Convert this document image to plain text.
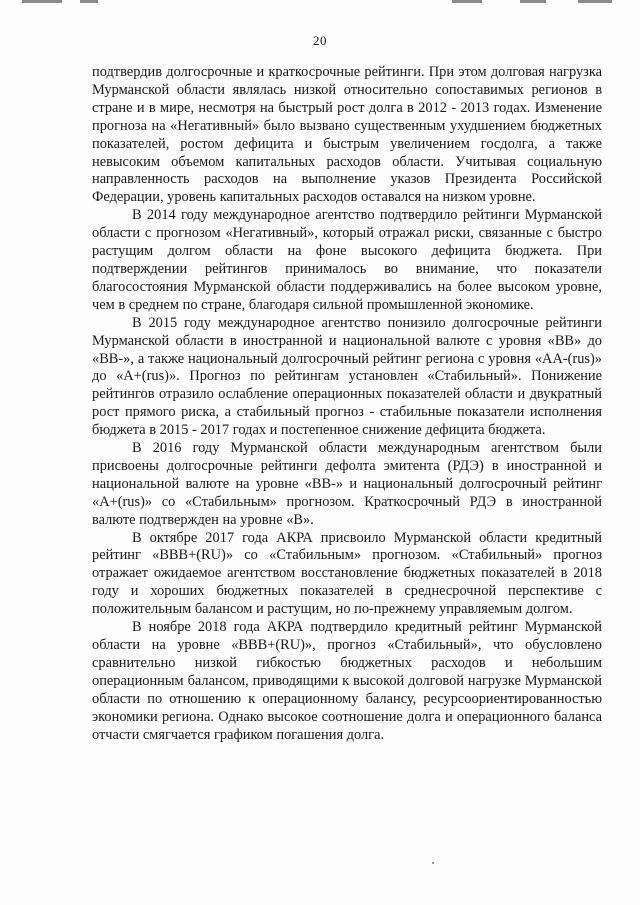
20

подтвердив долгосрочные и краткосрочные рейтинги. При этом долговая нагрузка Мурманской области являлась низкой относительно сопоставимых регионов в стране и в мире, несмотря на быстрый рост долга в 2012 - 2013 годах. Изменение прогноза на «Негативный» было вызвано существенным ухудшением бюджетных показателей, ростом дефицита и быстрым увеличением госдолга, а также невысоким объемом капитальных расходов области. Учитывая социальную направленность расходов на выполнение указов Президента Российской Федерации, уровень капитальных расходов оставался на низком уровне.

В 2014 году международное агентство подтвердило рейтинги Мурманской области с прогнозом «Негативный», который отражал риски, связанные с быстро растущим долгом области на фоне высокого дефицита бюджета. При подтверждении рейтингов принималось во внимание, что показатели благосостояния Мурманской области поддерживались на более высоком уровне, чем в среднем по стране, благодаря сильной промышленной экономике.

В 2015 году международное агентство понизило долгосрочные рейтинги Мурманской области в иностранной и национальной валюте с уровня «BB» до «BB-», а также национальный долгосрочный рейтинг региона с уровня «AA-(rus)» до «A+(rus)». Прогноз по рейтингам установлен «Стабильный». Понижение рейтингов отразило ослабление операционных показателей области и двукратный рост прямого риска, а стабильный прогноз - стабильные показатели исполнения бюджета в 2015 - 2017 годах и постепенное снижение дефицита бюджета.

В 2016 году Мурманской области международным агентством были присвоены долгосрочные рейтинги дефолта эмитента (РДЭ) в иностранной и национальной валюте на уровне «BB-» и национальный долгосрочный рейтинг «A+(rus)» со «Стабильным» прогнозом. Краткосрочный РДЭ в иностранной валюте подтвержден на уровне «B».

В октябре 2017 года АКРА присвоило Мурманской области кредитный рейтинг «BBB+(RU)» со «Стабильным» прогнозом. «Стабильный» прогноз отражает ожидаемое агентством восстановление бюджетных показателей в 2018 году и хороших бюджетных показателей в среднесрочной перспективе с положительным балансом и растущим, но по-прежнему управляемым долгом.

В ноябре 2018 года АКРА подтвердило кредитный рейтинг Мурманской области на уровне «BBB+(RU)», прогноз «Стабильный», что обусловлено сравнительно низкой гибкостью бюджетных расходов и небольшим операционным балансом, приводящими к высокой долговой нагрузке Мурманской области по отношению к операционному балансу, ресурсоориентированностью экономики региона. Однако высокое соотношение долга и операционного баланса отчасти смягчается графиком погашения долга.
